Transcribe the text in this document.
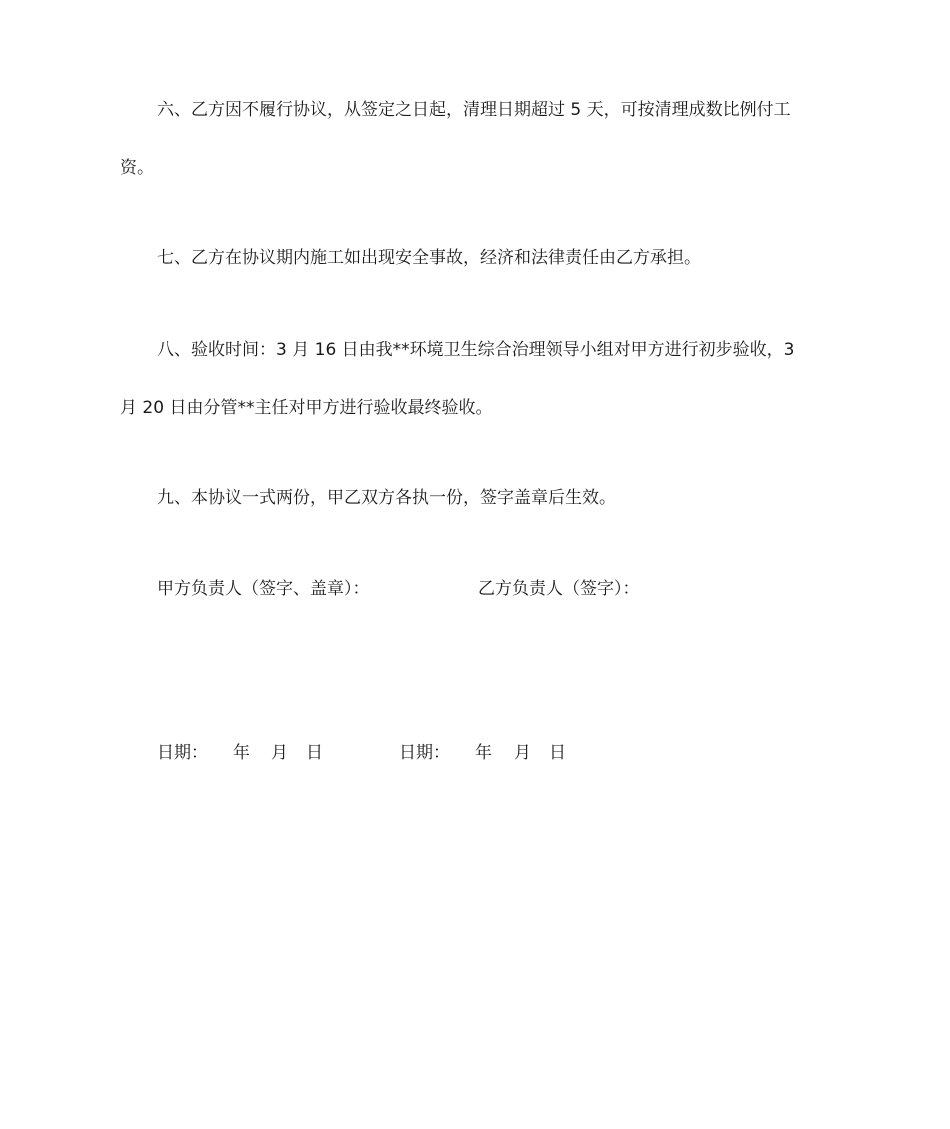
六、乙方因不履行协议，从签定之日起，清理日期超过 5 天，可按清理成数比例付工
资。
七、乙方在协议期内施工如出现安全事故，经济和法律责任由乙方承担。
八、验收时间：3 月 16 日由我**环境卫生综合治理领导小组对甲方进行初步验收，3
月 20 日由分管**主任对甲方进行验收最终验收。
九、本协议一式两份，甲乙双方各执一份，签字盖章后生效。
甲方负责人（签字、盖章）：	乙方负责人（签字）：
日期： 年 月 日	日期： 年 月 日
